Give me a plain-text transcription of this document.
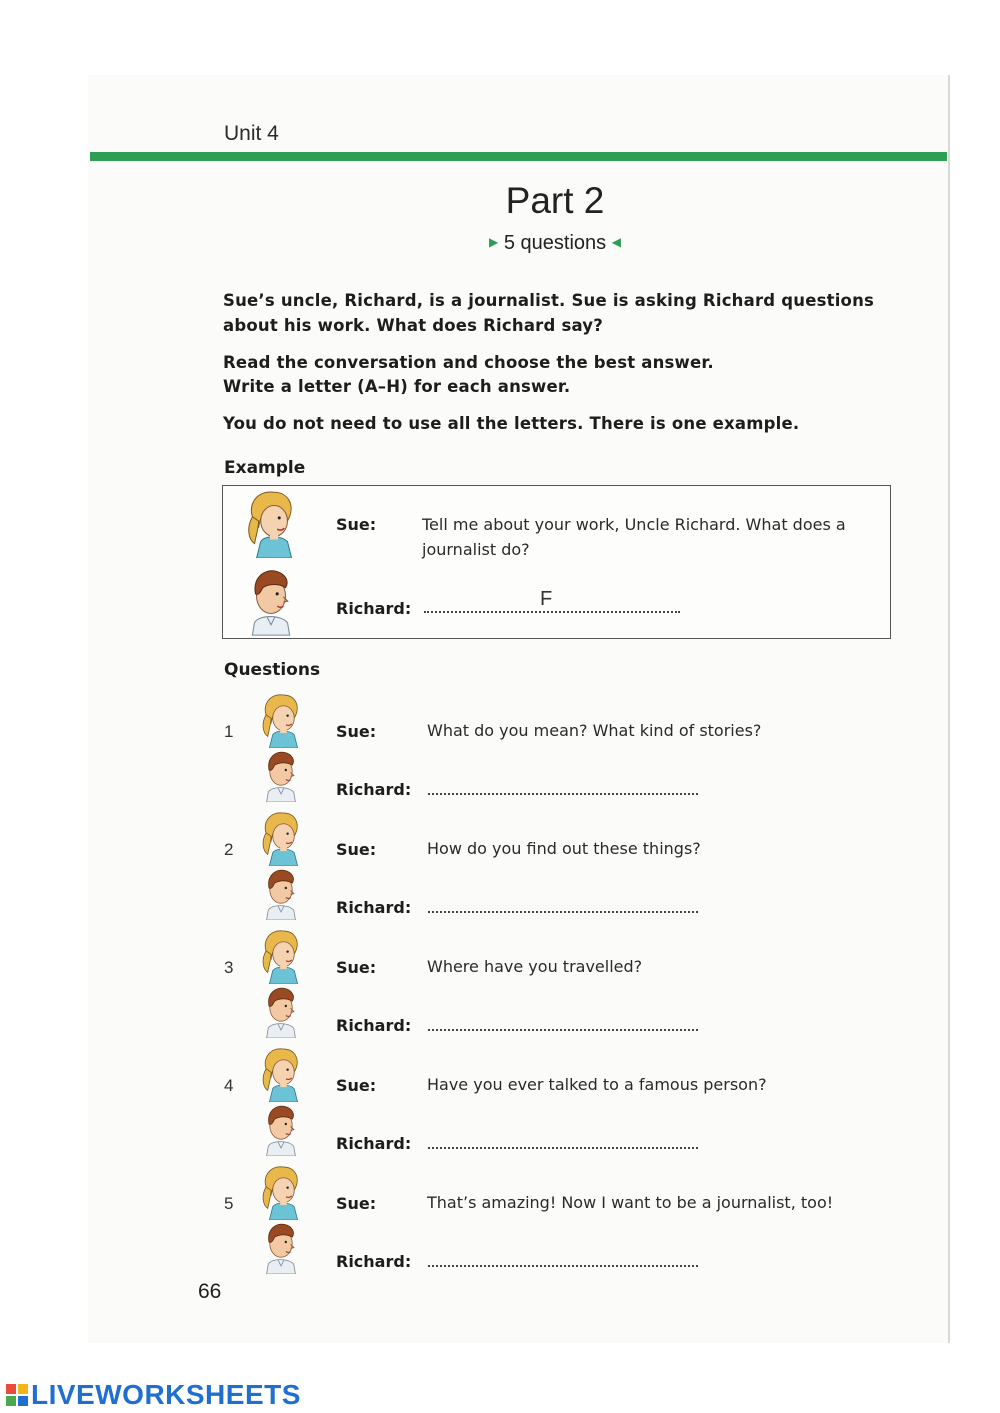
Unit 4
Part 2
▶ 5 questions ◀
Sue’s uncle, Richard, is a journalist. Sue is asking Richard questions about his work. What does Richard say?
Read the conversation and choose the best answer.
Write a letter (A–H) for each answer.
You do not need to use all the letters. There is one example.
Example
Sue:	Tell me about your work, Uncle Richard. What does a journalist do?
Richard:	F
Questions
1	Sue:	What do you mean? What kind of stories?
Richard:
2	Sue:	How do you find out these things?
Richard:
3	Sue:	Where have you travelled?
Richard:
4	Sue:	Have you ever talked to a famous person?
Richard:
5	Sue:	That’s amazing! Now I want to be a journalist, too!
Richard:
66
LIVEWORKSHEETS
